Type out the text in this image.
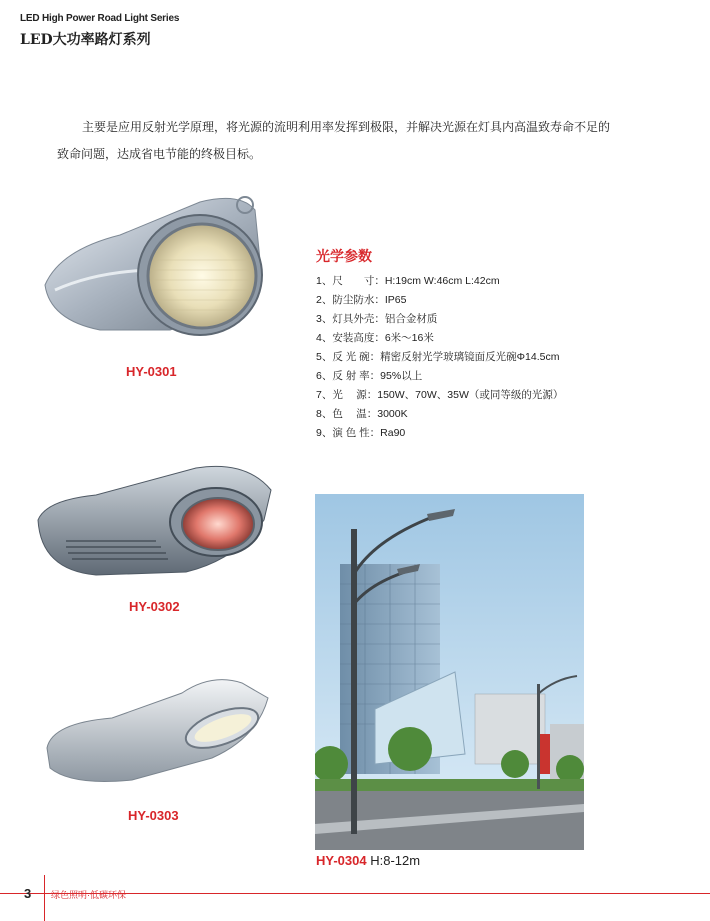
LED High Power Road Light Series
LED大功率路灯系列
主要是应用反射光学原理，将光源的流明利用率发挥到极限，并解决光源在灯具内高温致寿命不足的
致命问题，达成省电节能的终极目标。
HY-0301
HY-0302
HY-0303
光学参数
1、尺　　寸：H:19cm W:46cm L:42cm
2、防尘防水：IP65
3、灯具外壳：铝合金材质
4、安装高度：6米～16米
5、反 光 碗：精密反射光学玻璃镜面反光碗Φ14.5cm
6、反 射 率：95%以上
7、光　 源：150W、70W、35W（或同等级的光源）
8、色　 温：3000K
9、演 色 性：Ra90
HY-0304 H:8-12m
3 绿色照明·低碳环保
